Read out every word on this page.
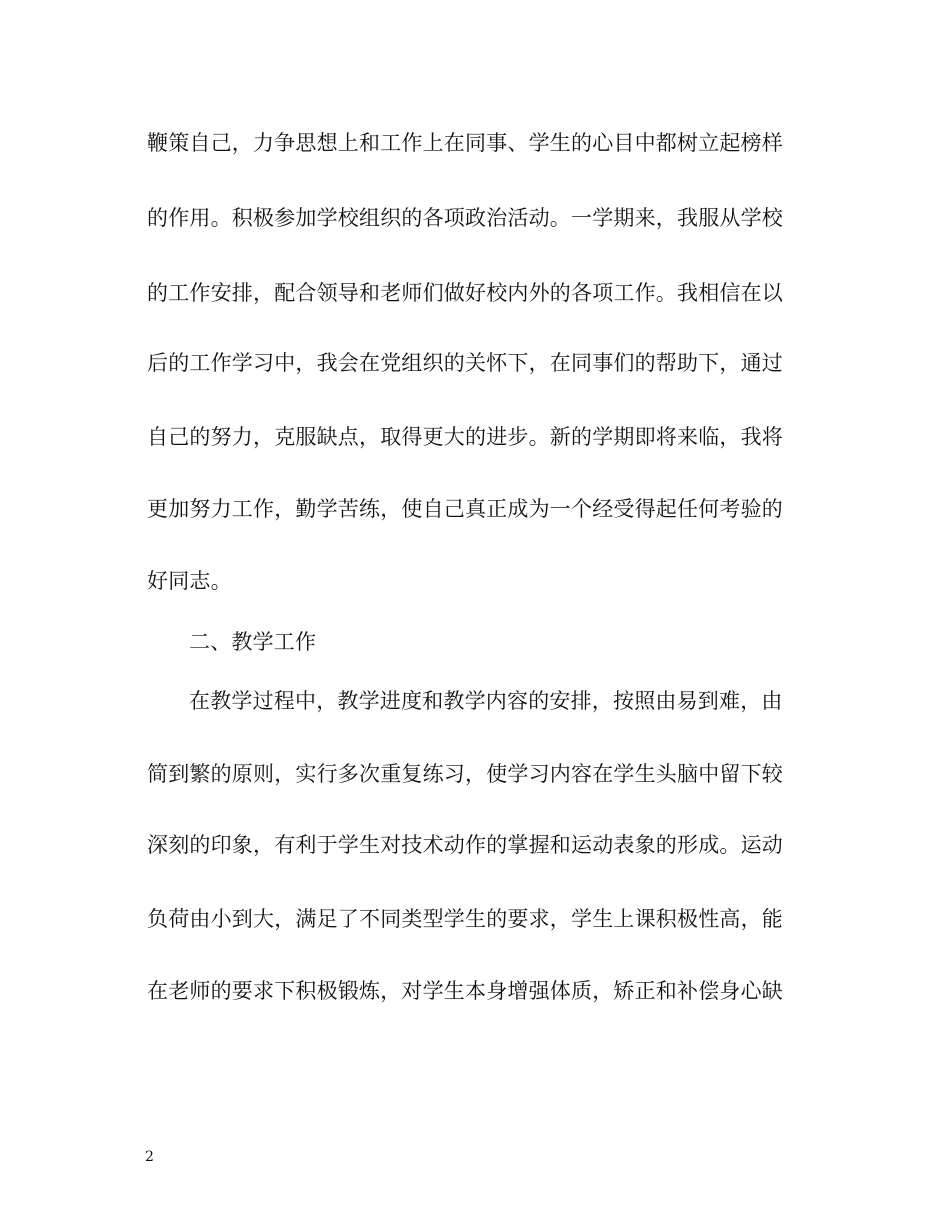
鞭策自己，力争思想上和工作上在同事、学生的心目中都树立起榜样
的作用。积极参加学校组织的各项政治活动。一学期来，我服从学校
的工作安排，配合领导和老师们做好校内外的各项工作。我相信在以
后的工作学习中，我会在党组织的关怀下，在同事们的帮助下，通过
自己的努力，克服缺点，取得更大的进步。新的学期即将来临，我将
更加努力工作，勤学苦练，使自己真正成为一个经受得起任何考验的
好同志。
二、教学工作
在教学过程中，教学进度和教学内容的安排，按照由易到难，由
简到繁的原则，实行多次重复练习，使学习内容在学生头脑中留下较
深刻的印象，有利于学生对技术动作的掌握和运动表象的形成。运动
负荷由小到大，满足了不同类型学生的要求，学生上课积极性高，能
在老师的要求下积极锻炼，对学生本身增强体质，矫正和补偿身心缺
2
